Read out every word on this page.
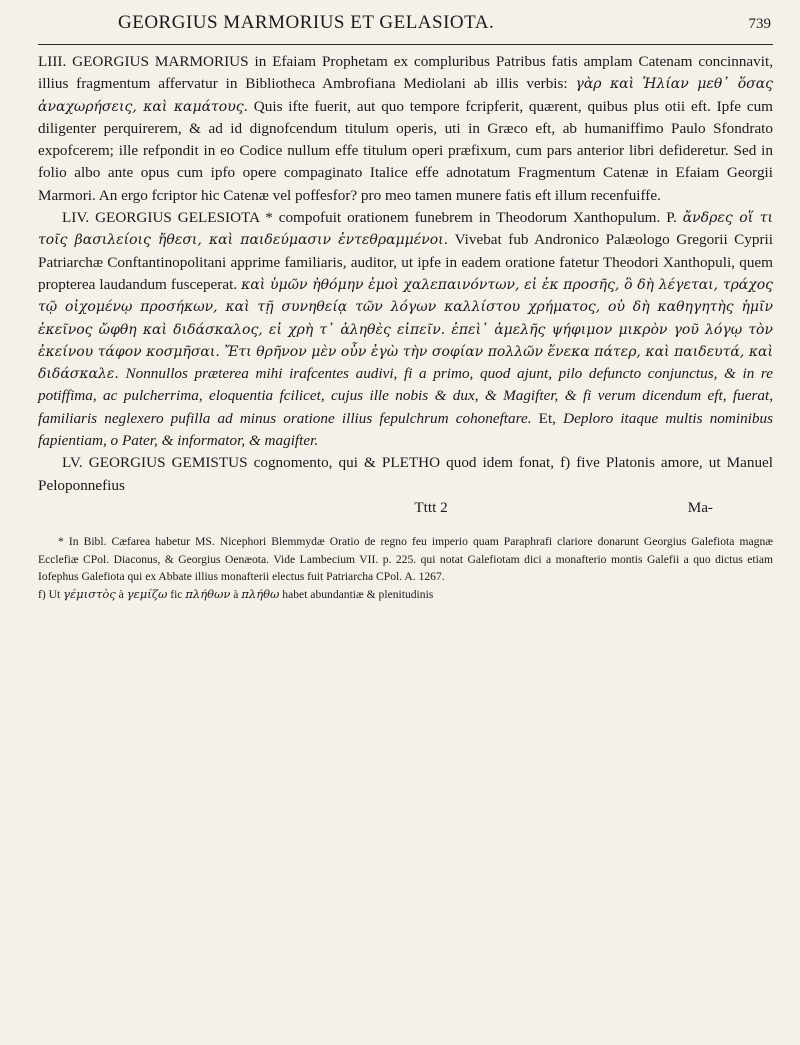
GEORGIUS MARMORIUS ET GELASIOTA.	739

LIII. GEORGIUS MARMORIUS in Efaiam Prophetam ex compluribus Patribus fatis amplam Catenam concinnavit, illius fragmentum affervatur in Bibliotheca Ambrofiana Mediolani ab illis verbis: γὰρ καὶ Ἡλίαν μεθ᾽ ὅσας ἀναχωρήσεις, καὶ καμάτους. Quis ifte fuerit, aut quo tempore fcripferit, quærent, quibus plus otii eft. Ipfe cum diligenter perquirerem, & ad id dignofcendum titulum operis, uti in Græco eft, ab humaniffimo Paulo Sfondrato expofcerem; ille refpondit in eo Codice nullum effe titulum operi præfixum, cum pars anterior libri defideretur. Sed in folio albo ante opus cum ipfo opere compaginato Italice effe adnotatum Fragmentum Catenæ in Efaiam Georgii Marmori. An ergo fcriptor hic Catenæ vel poffesfor? pro meo tamen munere fatis eft illum recenfuiffe.

LIV. GEORGIUS GELESIOTA * compofuit orationem funebrem in Theodorum Xanthopulum. P. ἄνδρες οἵ τι τοῖς βασιλείοις ἤθεσι, καὶ παιδεύμασιν ἐντεθραμμένοι. Vivebat fub Andronico Palæologo Gregorii Cyprii Patriarchæ Conftantinopolitani apprime familiaris, auditor, ut ipfe in eadem oratione fatetur Theodori Xanthopuli, quem propterea laudandum fusceperat. καὶ ὑμῶν ἠθόμην ἐμοὶ χαλεπαινόντων, εἰ ἐκ προσῆς, ὃ δὴ λέγεται, τράχος τῷ οἰχομένῳ προσήκων, καὶ τῇ συνηθείᾳ τῶν λόγων καλλίστου χρήματος, οὐ δὴ καθηγητὴς ἡμῖν ἐκεῖνος ὤφθη καὶ διδάσκαλος, εἰ χρὴ τ᾽ ἀληθὲς εἰπεῖν. ἐπεὶ᾽ ἀμελῆς ψήφιμον μικρὸν γοῦ λόγῳ τὸν ἐκείνου τάφον κοσμῆσαι. Ἔτι θρῆνον μὲν οὖν ἐγὼ τὴν σοφίαν πολλῶν ἕνεκα πάτερ, καὶ παιδευτά, καὶ διδάσκαλε. Nonnullos præterea mihi irafcentes audivi, fi a primo, quod ajunt, pilo defuncto conjunctus, & in re potiffima, ac pulcherrima, eloquentia fcilicet, cujus ille nobis & dux, & Magifter, & fi verum dicendum eft, fuerat, familiaris neglexero pufilla ad minus oratione illius fepulchrum cohoneftare. Et, Deploro itaque multis nominibus fapientiam, o Pater, & informator, & magifter.

LV. GEORGIUS GEMISTUS cognomento, qui & PLETHO quod idem fonat, f) five Platonis amore, ut Manuel Peloponnefius

Tttt 2	Ma-

* In Bibl. Cæfarea habetur MS. Nicephori Blemmydæ Oratio de regno feu imperio quam Paraphrafi clariore donarunt Georgius Galefiota magnæ Ecclefiæ CPol. Diaconus, & Georgius Oenæota. Vide Lambecium VII. p. 225. qui notat Galefiotam dici a monafterio montis Galefii a quo dictus etiam Iofephus Galefiota qui ex Abbate illius monafterii electus fuit Patriarcha CPol. A. 1267.

f) Ut γέμιστὸς à γεμίζω fic πλήθων à πλήθω habet abundantiæ & plenitudinis
